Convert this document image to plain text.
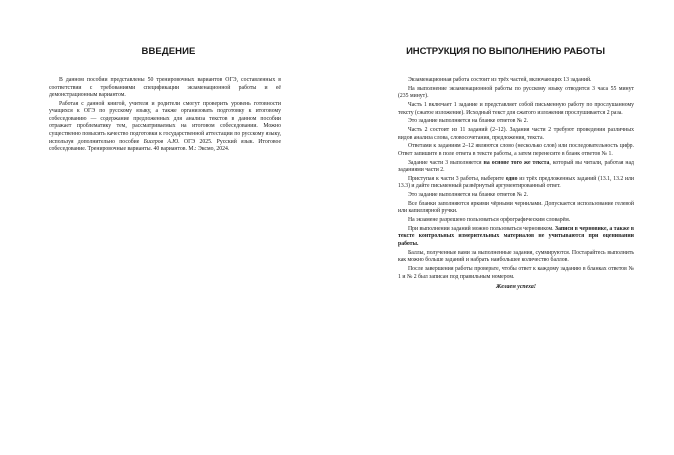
ВВЕДЕНИЕ

В данном пособии представлены 50 тренировочных вариантов ОГЭ, составленных в соответствии с требованиями спецификации экзаменационной работы и её демонстрационным вариантом.

Работая с данной книгой, учителя и родители смогут проверить уровень готовности учащихся к ОГЭ по русскому языку, а также организовать подготовку к итоговому собеседованию — содержание предложенных для анализа текстов в данном пособии отражает проблематику тем, рассматриваемых на итоговом собеседовании. Можно существенно повысить качество подготовки к государственной аттестации по русскому языку, используя дополнительно пособие Бисеров А.Ю. ОГЭ 2025. Русский язык. Итоговое собеседование. Тренировочные варианты. 40 вариантов. М.: Эксмо, 2024.

ИНСТРУКЦИЯ ПО ВЫПОЛНЕНИЮ РАБОТЫ

Экзаменационная работа состоит из трёх частей, включающих 13 заданий.

На выполнение экзаменационной работы по русскому языку отводится 3 часа 55 минут (235 минут).

Часть 1 включает 1 задание и представляет собой письменную работу по прослушанному тексту (сжатое изложение). Исходный текст для сжатого изложения прослушивается 2 раза.

Это задание выполняется на бланке ответов № 2.

Часть 2 состоит из 11 заданий (2–12). Задания части 2 требуют проведения различных видов анализа слова, словосочетания, предложения, текста.

Ответами к заданиям 2–12 являются слово (несколько слов) или последовательность цифр. Ответ запишите в поле ответа в тексте работы, а затем перенесите в бланк ответов № 1.

Задание части 3 выполняется на основе того же текста, который вы читали, работая над заданиями части 2.

Приступая к части 3 работы, выберите одно из трёх предложенных заданий (13.1, 13.2 или 13.3) и дайте письменный развёрнутый аргументированный ответ.

Это задание выполняется на бланке ответов № 2.

Все бланки заполняются яркими чёрными чернилами. Допускается использование гелевой или капиллярной ручки.

На экзамене разрешено пользоваться орфографическим словарём.

При выполнении заданий можно пользоваться черновиком. Записи в черновике, а также в тексте контрольных измерительных материалов не учитываются при оценивании работы.

Баллы, полученные вами за выполненные задания, суммируются. Постарайтесь выполнить как можно больше заданий и набрать наибольшее количество баллов.

После завершения работы проверьте, чтобы ответ к каждому заданию в бланках ответов № 1 и № 2 был записан под правильным номером.

Желаем успеха!
